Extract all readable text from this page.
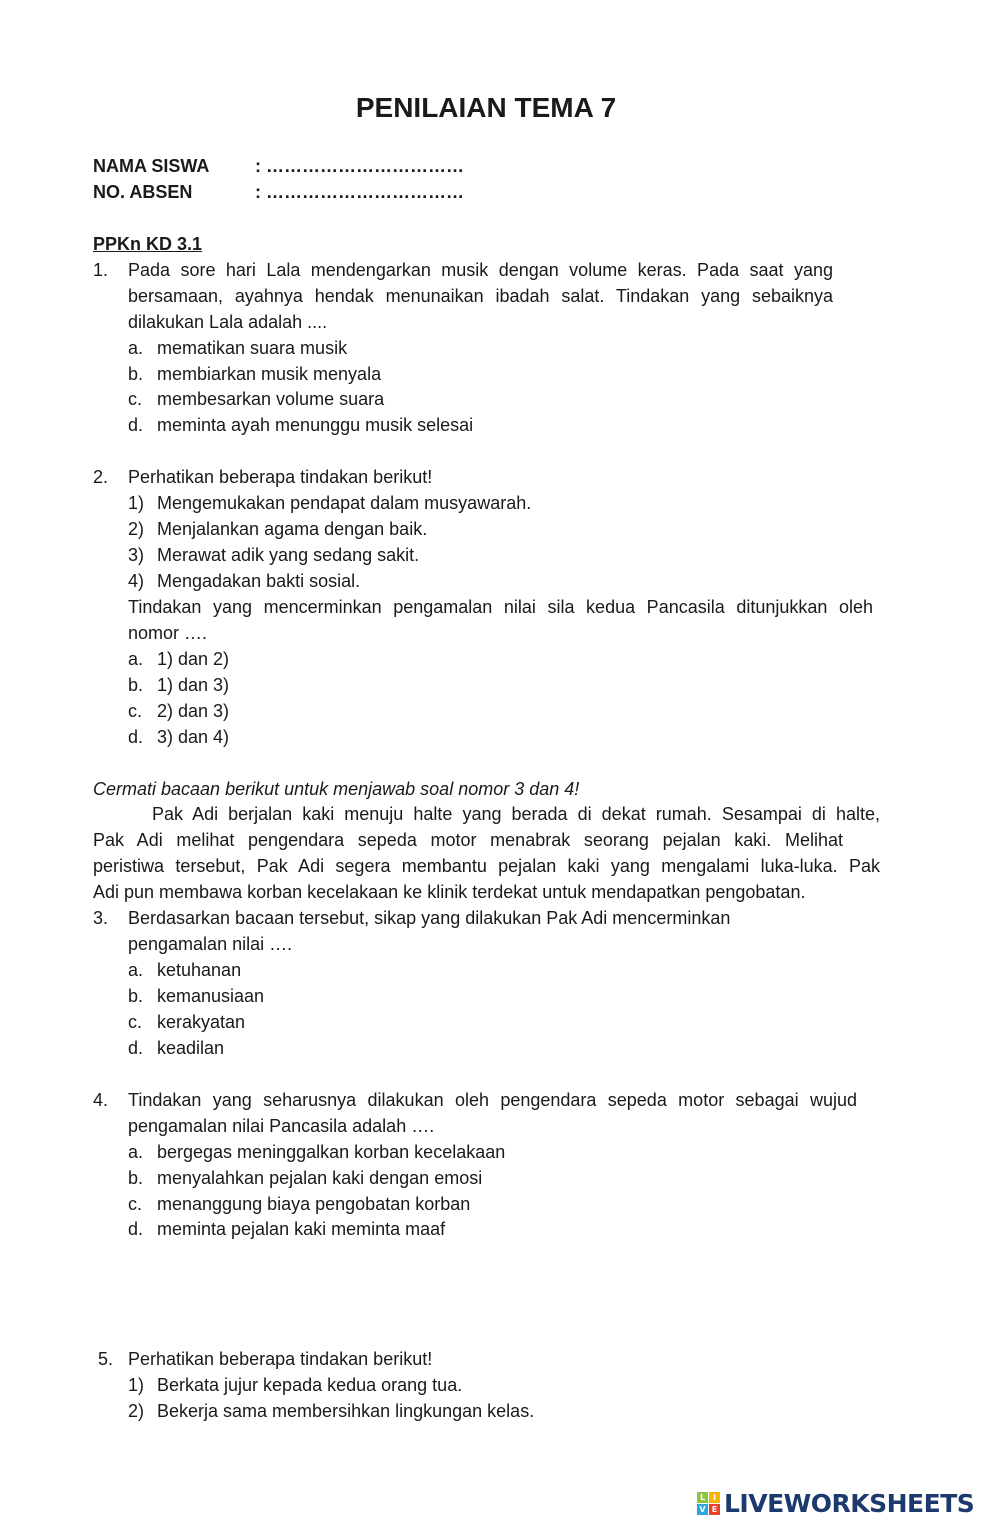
PENILAIAN TEMA 7
NAMA SISWA	: ……………………………
NO. ABSEN	: ……………………………
PPKn KD 3.1
1. Pada sore hari Lala mendengarkan musik dengan volume keras. Pada saat yang
bersamaan, ayahnya hendak menunaikan ibadah salat. Tindakan yang sebaiknya
dilakukan Lala adalah ....
a. mematikan suara musik
b. membiarkan musik menyala
c. membesarkan volume suara
d. meminta ayah menunggu musik selesai
2. Perhatikan beberapa tindakan berikut!
1) Mengemukakan pendapat dalam musyawarah.
2) Menjalankan agama dengan baik.
3) Merawat adik yang sedang sakit.
4) Mengadakan bakti sosial.
Tindakan yang mencerminkan pengamalan nilai sila kedua Pancasila ditunjukkan oleh
nomor ….
a. 1) dan 2)
b. 1) dan 3)
c. 2) dan 3)
d. 3) dan 4)
Cermati bacaan berikut untuk menjawab soal nomor 3 dan 4!
Pak Adi berjalan kaki menuju halte yang berada di dekat rumah. Sesampai di halte,
Pak Adi melihat pengendara sepeda motor menabrak seorang pejalan kaki. Melihat
peristiwa tersebut, Pak Adi segera membantu pejalan kaki yang mengalami luka-luka. Pak
Adi pun membawa korban kecelakaan ke klinik terdekat untuk mendapatkan pengobatan.
3. Berdasarkan bacaan tersebut, sikap yang dilakukan Pak Adi mencerminkan
pengamalan nilai ….
a. ketuhanan
b. kemanusiaan
c. kerakyatan
d. keadilan
4. Tindakan yang seharusnya dilakukan oleh pengendara sepeda motor sebagai wujud
pengamalan nilai Pancasila adalah ….
a. bergegas meninggalkan korban kecelakaan
b. menyalahkan pejalan kaki dengan emosi
c. menanggung biaya pengobatan korban
d. meminta pejalan kaki meminta maaf
5. Perhatikan beberapa tindakan berikut!
1) Berkata jujur kepada kedua orang tua.
2) Bekerja sama membersihkan lingkungan kelas.
L I
V E LIVEWORKSHEETS
